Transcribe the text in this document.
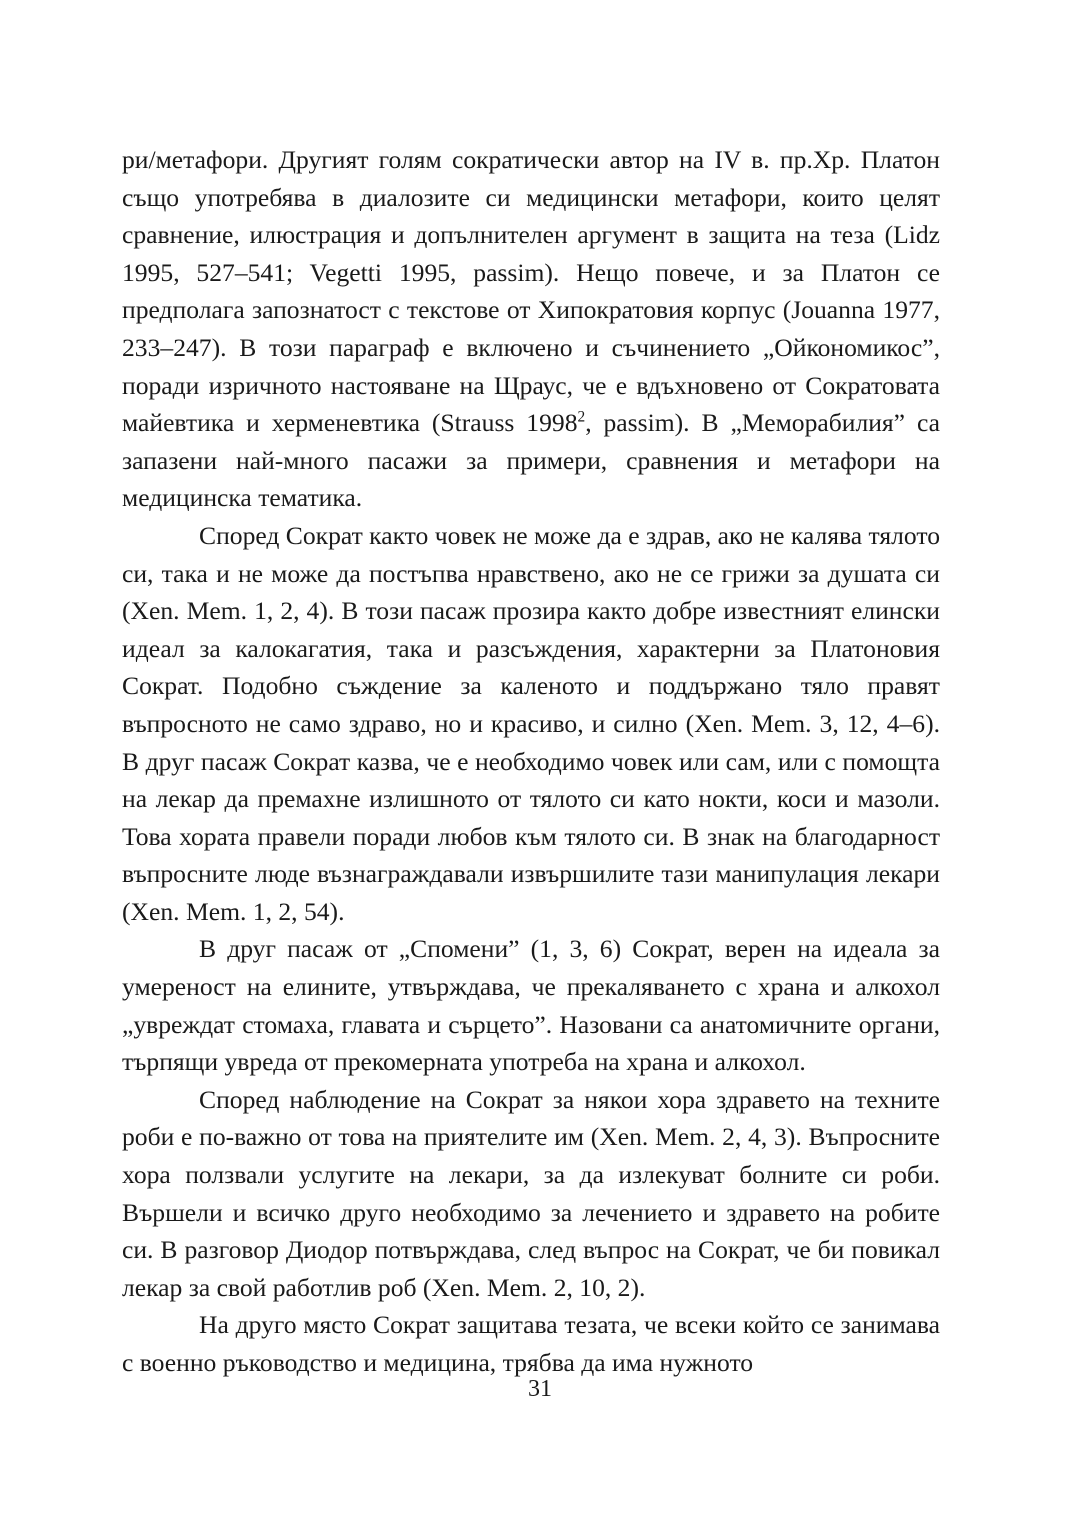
ри/метафори. Другият голям сократически автор на IV в. пр.Хр. Платон също употребява в диалозите си медицински метафори, които целят сравнение, илюстрация и допълнителен аргумент в защита на теза (Lidz 1995, 527–541; Vegetti 1995, passim). Нещо повече, и за Платон се предполага запознатост с текстове от Хипократовия корпус (Jouanna 1977, 233–247). В този параграф е включено и съчинението „Ойкономикос”, поради изричното настояване на Щраус, че е вдъхновено от Сократовата майевтика и херменевтика (Strauss 1998$^2$, passim). В „Меморабилия” са запазени най-много пасажи за примери, сравнения и метафори на медицинска тематика.

Според Сократ както човек не може да е здрав, ако не калява тялото си, така и не може да постъпва нравствено, ако не се грижи за душата си (Xen. Mem. 1, 2, 4). В този пасаж прозира както добре известният елински идеал за калокагатия, така и разсъждения, характерни за Платоновия Сократ. Подобно съждение за каленото и поддържано тяло правят въпросното не само здраво, но и красиво, и силно (Xen. Mem. 3, 12, 4–6). В друг пасаж Сократ казва, че е необходимо човек или сам, или с помощта на лекар да премахне излишното от тялото си като нокти, коси и мазоли. Това хората правели поради любов към тялото си. В знак на благодарност въпросните люде възнаграждавали извършилите тази манипулация лекари (Xen. Mem. 1, 2, 54).

В друг пасаж от „Спомени” (1, 3, 6) Сократ, верен на идеала за умереност на елините, утвърждава, че прекаляването с храна и алкохол „увреждат стомаха, главата и сърцето”. Назовани са анатомичните органи, търпящи увреда от прекомерната употреба на храна и алкохол.

Според наблюдение на Сократ за някои хора здравето на техните роби е по-важно от това на приятелите им (Xen. Mem. 2, 4, 3). Въпросните хора ползвали услугите на лекари, за да излекуват болните си роби. Вършели и всичко друго необходимо за лечението и здравето на робите си. В разговор Диодор потвърждава, след въпрос на Сократ, че би повикал лекар за свой работлив роб (Xen. Mem. 2, 10, 2).

На друго място Сократ защитава тезата, че всеки който се занимава с военно ръководство и медицина, трябва да има нужното

31
